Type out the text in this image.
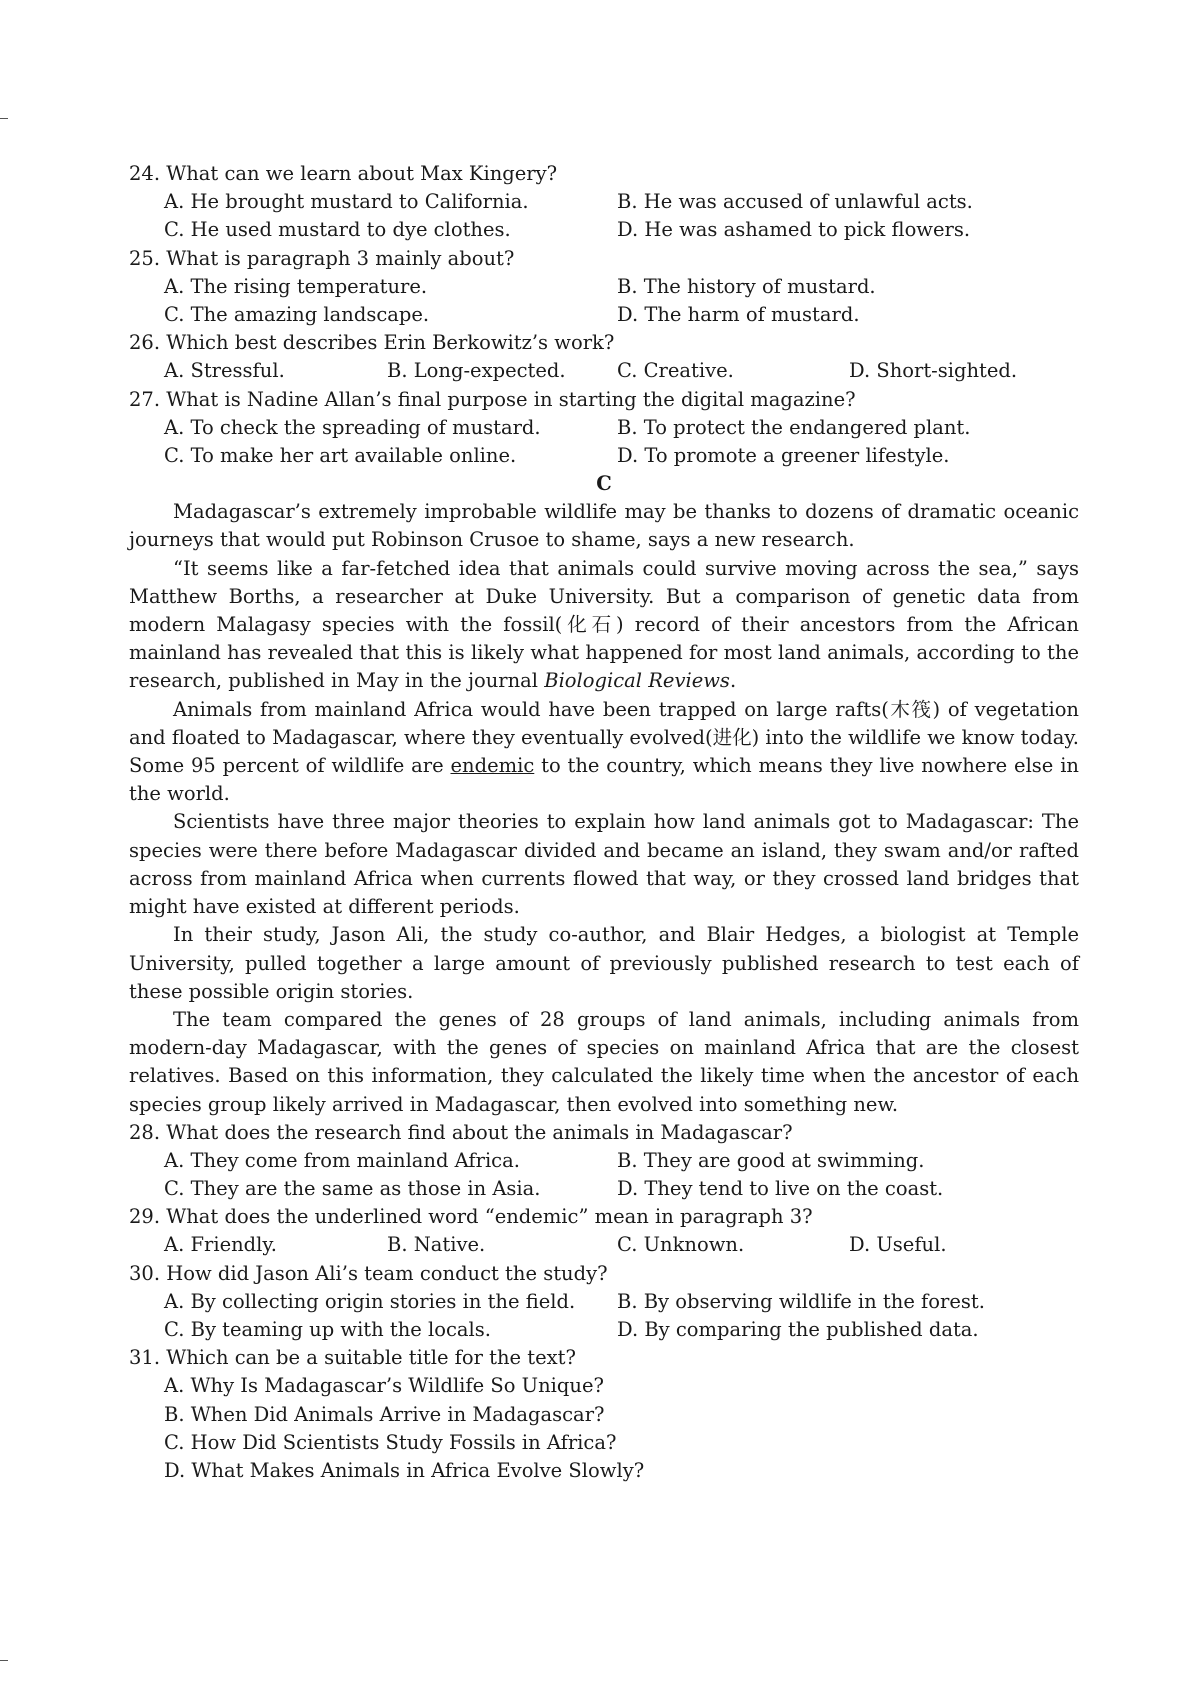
24. What can we learn about Max Kingery?
A. He brought mustard to California.	B. He was accused of unlawful acts.
C. He used mustard to dye clothes.	D. He was ashamed to pick flowers.
25. What is paragraph 3 mainly about?
A. The rising temperature.	B. The history of mustard.
C. The amazing landscape.	D. The harm of mustard.
26. Which best describes Erin Berkowitz’s work?
A. Stressful.	B. Long-expected.	C. Creative.	D. Short-sighted.
27. What is Nadine Allan’s final purpose in starting the digital magazine?
A. To check the spreading of mustard.	B. To protect the endangered plant.
C. To make her art available online.	D. To promote a greener lifestyle.
C

Madagascar’s extremely improbable wildlife may be thanks to dozens of dramatic oceanic journeys that would put Robinson Crusoe to shame, says a new research.

“It seems like a far-fetched idea that animals could survive moving across the sea,” says Matthew Borths, a researcher at Duke University. But a comparison of genetic data from modern Malagasy species with the fossil(化石) record of their ancestors from the African mainland has revealed that this is likely what happened for most land animals, according to the research, published in May in the journal Biological Reviews.

Animals from mainland Africa would have been trapped on large rafts(木筏) of vegetation and floated to Madagascar, where they eventually evolved(进化) into the wildlife we know today. Some 95 percent of wildlife are endemic to the country, which means they live nowhere else in the world.

Scientists have three major theories to explain how land animals got to Madagascar: The species were there before Madagascar divided and became an island, they swam and/or rafted across from mainland Africa when currents flowed that way, or they crossed land bridges that might have existed at different periods.

In their study, Jason Ali, the study co-author, and Blair Hedges, a biologist at Temple University, pulled together a large amount of previously published research to test each of these possible origin stories.

The team compared the genes of 28 groups of land animals, including animals from modern-day Madagascar, with the genes of species on mainland Africa that are the closest relatives. Based on this information, they calculated the likely time when the ancestor of each species group likely arrived in Madagascar, then evolved into something new.

28. What does the research find about the animals in Madagascar?
A. They come from mainland Africa.	B. They are good at swimming.
C. They are the same as those in Asia.	D. They tend to live on the coast.
29. What does the underlined word “endemic” mean in paragraph 3?
A. Friendly.	B. Native.	C. Unknown.	D. Useful.
30. How did Jason Ali’s team conduct the study?
A. By collecting origin stories in the field.	B. By observing wildlife in the forest.
C. By teaming up with the locals.	D. By comparing the published data.
31. Which can be a suitable title for the text?
A. Why Is Madagascar’s Wildlife So Unique?
B. When Did Animals Arrive in Madagascar?
C. How Did Scientists Study Fossils in Africa?
D. What Makes Animals in Africa Evolve Slowly?
